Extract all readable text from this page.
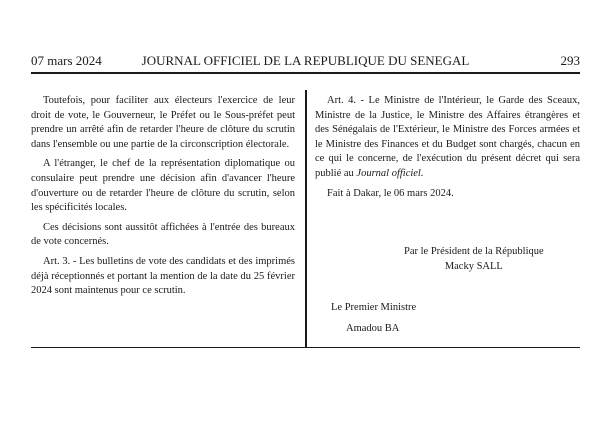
07 mars 2024	JOURNAL OFFICIEL DE LA REPUBLIQUE DU SENEGAL	293

Toutefois, pour faciliter aux électeurs l'exercice de leur droit de vote, le Gouverneur, le Préfet ou le Sous-préfet peut prendre un arrêté afin de retarder l'heure de clôture du scrutin dans l'ensemble ou une partie de la circonscription électorale.

A l'étranger, le chef de la représentation diplomatique ou consulaire peut prendre une décision afin d'avancer l'heure d'ouverture ou de retarder l'heure de clôture du scrutin, selon les spécificités locales.

Ces décisions sont aussitôt affichées à l'entrée des bureaux de vote concernés.

Art. 3. - Les bulletins de vote des candidats et des imprimés déjà réceptionnés et portant la mention de la date du 25 février 2024 sont maintenus pour ce scrutin.

Art. 4. - Le Ministre de l'Intérieur, le Garde des Sceaux, Ministre de la Justice, le Ministre des Affaires étrangères et des Sénégalais de l'Extérieur, le Ministre des Forces armées et le Ministre des Finances et du Budget sont chargés, chacun en ce qui le concerne, de l'exécution du présent décret qui sera publié au Journal officiel.

Fait à Dakar, le 06 mars 2024.

Par le Président de la République
Macky SALL
Le Premier Ministre
Amadou BA
